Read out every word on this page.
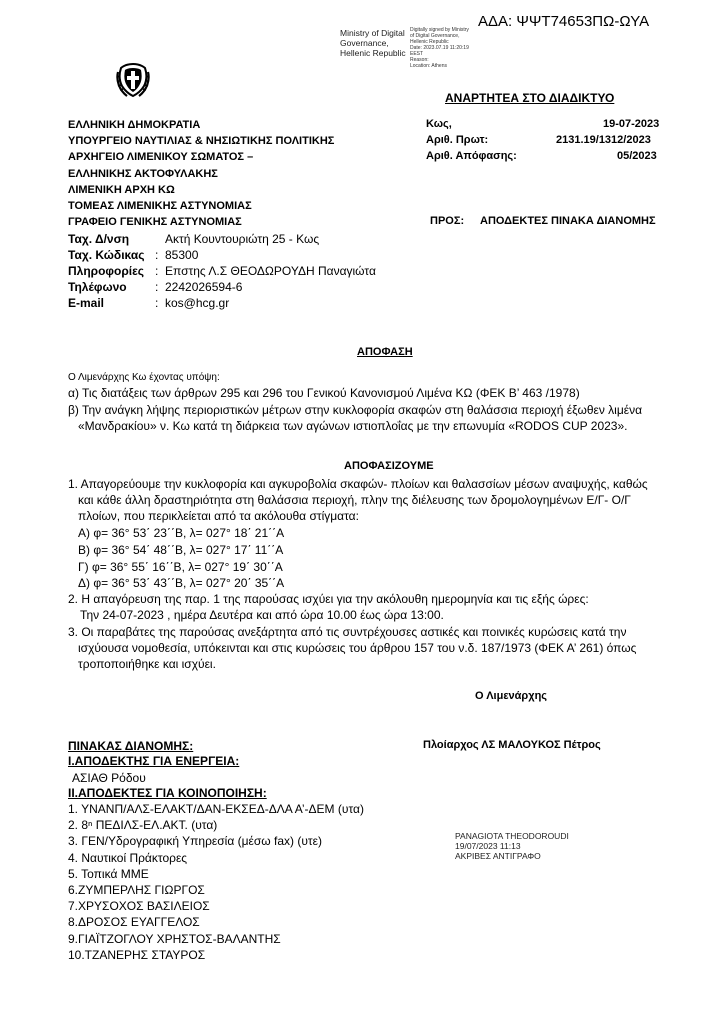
ΑΔΑ: ΨΨΤ74653ΠΩ-ΩΥΑ
Ministry of Digital
Governance,
Hellenic Republic
Digitally signed by Ministry
of Digital Governance,
Hellenic Republic
Date: 2023.07.19 11:20:19
EEST
Reason:
Location: Athens
ΑΝΑΡΤΗΤΕΑ ΣΤΟ ΔΙΑΔΙΚΤΥΟ
ΕΛΛΗΝΙΚΗ ΔΗΜΟΚΡΑΤΙΑ
ΥΠΟΥΡΓΕΙΟ ΝΑΥΤΙΛΙΑΣ & ΝΗΣΙΩΤΙΚΗΣ ΠΟΛΙΤΙΚΗΣ
ΑΡΧΗΓΕΙΟ ΛΙΜΕΝΙΚΟΥ ΣΩΜΑΤΟΣ –
ΕΛΛΗΝΙΚΗΣ ΑΚΤΟΦΥΛΑΚΗΣ
ΛΙΜΕΝΙΚΗ ΑΡΧΗ ΚΩ
ΤΟΜΕΑΣ ΛΙΜΕΝΙΚΗΣ ΑΣΤΥΝΟΜΙΑΣ
ΓΡΑΦΕΙΟ ΓΕΝΙΚΗΣ ΑΣΤΥΝΟΜΙΑΣ
Κως,	19-07-2023
Αριθ. Πρωτ:	2131.19/1312/2023
Αριθ. Απόφασης:	05/2023
ΠΡΟΣ: ΑΠΟΔΕΚΤΕΣ ΠΙΝΑΚΑ ΔΙΑΝΟΜΗΣ
Ταχ. Δ/νση	Ακτή Κουντουριώτη 25 - Κως
Ταχ. Κώδικας : 85300
Πληροφορίες : Επστης Λ.Σ ΘΕΟΔΩΡΟΥΔΗ Παναγιώτα
Τηλέφωνο : 2242026594-6
E-mail	: kos@hcg.gr
ΑΠΟΦΑΣΗ
Ο Λιμενάρχης Κω έχοντας υπόψη:
α) Τις διατάξεις των άρθρων 295 και 296 του Γενικού Κανονισμού Λιμένα ΚΩ (ΦΕΚ Β’ 463 /1978)
β) Την ανάγκη λήψης περιοριστικών μέτρων στην κυκλοφορία σκαφών στη θαλάσσια περιοχή έξωθεν λιμένα
«Μανδρακίου» ν. Κω κατά τη διάρκεια των αγώνων ιστιοπλοΐας με την επωνυμία «RODOS CUP 2023».
ΑΠΟΦΑΣΙΖΟΥΜΕ
1. Απαγορεύουμε την κυκλοφορία και αγκυροβολία σκαφών- πλοίων και θαλασσίων μέσων αναψυχής, καθώς
και κάθε άλλη δραστηριότητα στη θαλάσσια περιοχή, πλην της διέλευσης των δρομολογημένων Ε/Γ- Ο/Γ
πλοίων, που περικλείεται από τα ακόλουθα στίγματα:
Α) φ= 36° 53΄ 23΄΄Β, λ= 027° 18΄ 21΄΄Α
Β) φ= 36° 54΄ 48΄΄Β, λ= 027° 17΄ 11΄΄Α
Γ) φ= 36° 55΄ 16΄΄Β, λ= 027° 19΄ 30΄΄Α
Δ) φ= 36° 53΄ 43΄΄Β, λ= 027° 20΄ 35΄΄Α
2. Η απαγόρευση της παρ. 1 της παρούσας ισχύει για την ακόλουθη ημερομηνία και τις εξής ώρες:
Την 24-07-2023 , ημέρα Δευτέρα και από ώρα 10.00 έως ώρα 13:00.
3. Οι παραβάτες της παρούσας ανεξάρτητα από τις συντρέχουσες αστικές και ποινικές κυρώσεις κατά την
ισχύουσα νομοθεσία, υπόκεινται και στις κυρώσεις του άρθρου 157 του ν.δ. 187/1973 (ΦΕΚ Α’ 261) όπως
τροποποιήθηκε και ισχύει.
Ο Λιμενάρχης
Πλοίαρχος ΛΣ ΜΑΛΟΥΚΟΣ Πέτρος
ΠΙΝΑΚΑΣ ΔΙΑΝΟΜΗΣ:
Ι.ΑΠΟΔΕΚΤΗΣ ΓΙΑ ΕΝΕΡΓΕΙΑ:
ΑΣΙΑΘ Ρόδου
ΙΙ.ΑΠΟΔΕΚΤΕΣ ΓΙΑ ΚΟΙΝΟΠΟΙΗΣΗ:
1. ΥΝΑΝΠ/ΑΛΣ-ΕΛΑΚΤ/ΔΑΝ-ΕΚΣΕΔ-ΔΛΑ Α’-ΔΕΜ (υτα)
2. 8ⁿ ΠΕΔΙΛΣ-ΕΛ.ΑΚΤ. (υτα)
3. ΓΕΝ/Υδρογραφική Υπηρεσία (μέσω fax) (υτε)
4. Ναυτικοί Πράκτορες
5. Τοπικά ΜΜΕ
6.ΖΥΜΠΕΡΛΗΣ ΓΙΩΡΓΟΣ
7.ΧΡΥΣΟΧΟΣ ΒΑΣΙΛΕΙΟΣ
8.ΔΡΟΣΟΣ ΕΥΑΓΓΕΛΟΣ
9.ΓΙΑΪΤΖΟΓΛΟΥ ΧΡΗΣΤΟΣ-ΒΑΛΑΝΤΗΣ
10.ΤΖΑΝΕΡΗΣ ΣΤΑΥΡΟΣ
PANAGIOTA THEODOROUDI
19/07/2023 11:13
ΑΚΡΙΒΕΣ ΑΝΤΙΓΡΑΦΟ
